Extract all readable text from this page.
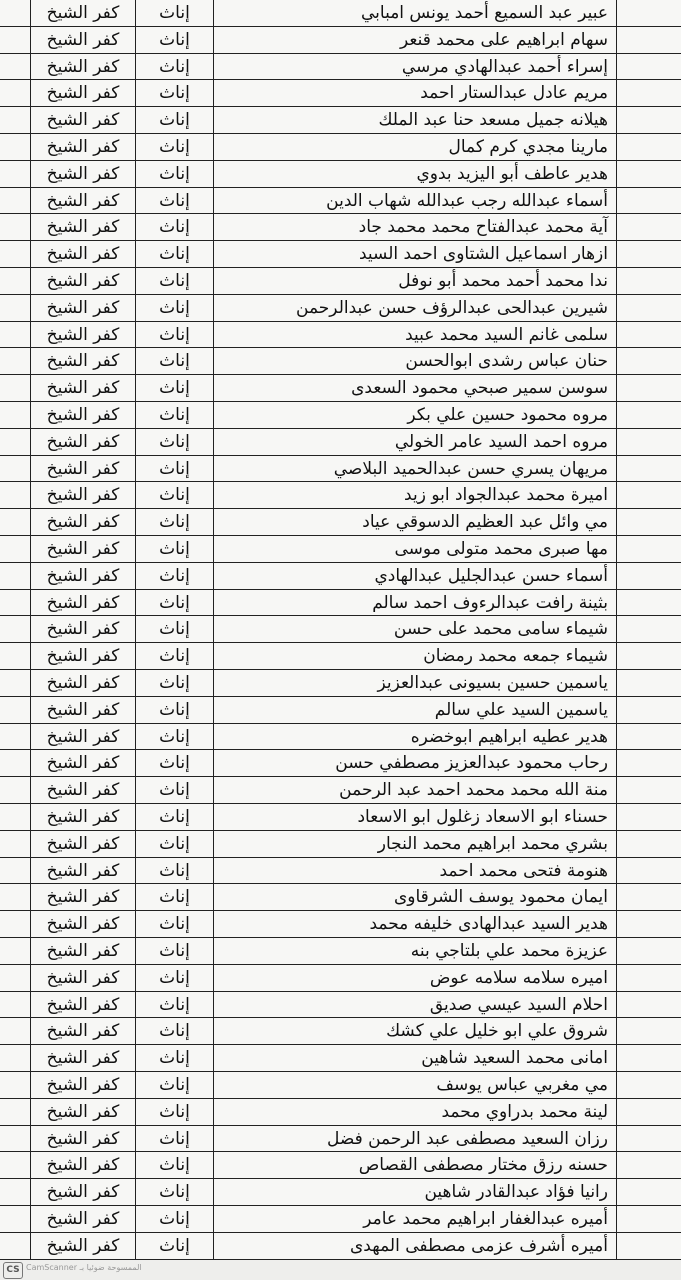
عبير عبد السميع أحمد يونس امبابي
إناث
كفر الشيخ
سهام ابراهيم على محمد قنعر
إناث
كفر الشيخ
إسراء أحمد عبدالهادي مرسي
إناث
كفر الشيخ
مريم عادل عبدالستار احمد
إناث
كفر الشيخ
هيلانه جميل مسعد حنا عبد الملك
إناث
كفر الشيخ
مارينا مجدي كرم كمال
إناث
كفر الشيخ
هدير عاطف أبو اليزيد بدوي
إناث
كفر الشيخ
أسماء عبدالله رجب عبدالله شهاب الدين
إناث
كفر الشيخ
آية محمد عبدالفتاح محمد محمد جاد
إناث
كفر الشيخ
ازهار اسماعيل الشتاوى احمد السيد
إناث
كفر الشيخ
ندا محمد أحمد محمد أبو نوفل
إناث
كفر الشيخ
شيرين عبدالحى عبدالرؤف حسن عبدالرحمن
إناث
كفر الشيخ
سلمى غانم السيد محمد عبيد
إناث
كفر الشيخ
حنان عباس رشدى ابوالحسن
إناث
كفر الشيخ
سوسن سمير صبحي محمود السعدى
إناث
كفر الشيخ
مروه محمود حسين علي بكر
إناث
كفر الشيخ
مروه احمد السيد عامر الخولي
إناث
كفر الشيخ
مريهان يسري حسن عبدالحميد البلاصي
إناث
كفر الشيخ
اميرة محمد عبدالجواد ابو زيد
إناث
كفر الشيخ
مي وائل عبد العظيم الدسوقي عياد
إناث
كفر الشيخ
مها صبرى محمد متولى موسى
إناث
كفر الشيخ
أسماء حسن عبدالجليل عبدالهادي
إناث
كفر الشيخ
بثينة رافت عبدالرءوف احمد سالم
إناث
كفر الشيخ
شيماء سامى محمد على حسن
إناث
كفر الشيخ
شيماء جمعه محمد رمضان
إناث
كفر الشيخ
ياسمين حسين بسيونى عبدالعزيز
إناث
كفر الشيخ
ياسمين السيد علي سالم
إناث
كفر الشيخ
هدير عطيه ابراهيم ابوخضره
إناث
كفر الشيخ
رحاب محمود عبدالعزيز مصطفي حسن
إناث
كفر الشيخ
منة الله محمد محمد احمد عبد الرحمن
إناث
كفر الشيخ
حسناء ابو الاسعاد زغلول ابو الاسعاد
إناث
كفر الشيخ
بشري محمد ابراهيم محمد النجار
إناث
كفر الشيخ
هنومة فتحى محمد احمد
إناث
كفر الشيخ
ايمان محمود يوسف الشرقاوى
إناث
كفر الشيخ
هدير السيد عبدالهادى خليفه محمد
إناث
كفر الشيخ
عزيزة محمد علي بلتاجي بنه
إناث
كفر الشيخ
اميره سلامه سلامه عوض
إناث
كفر الشيخ
احلام السيد عيسي صديق
إناث
كفر الشيخ
شروق علي ابو خليل علي كشك
إناث
كفر الشيخ
امانى محمد السعيد شاهين
إناث
كفر الشيخ
مي مغربي عباس يوسف
إناث
كفر الشيخ
لينة محمد بدراوي محمد
إناث
كفر الشيخ
رزان السعيد مصطفى عبد الرحمن فضل
إناث
كفر الشيخ
حسنه رزق مختار مصطفى القصاص
إناث
كفر الشيخ
رانيا فؤاد عبدالقادر شاهين
إناث
كفر الشيخ
أميره عبدالغفار ابراهيم محمد عامر
إناث
كفر الشيخ
أميره أشرف عزمى مصطفى المهدى
إناث
كفر الشيخ
CS CamScanner الممسوحة ضوئيا بـ
